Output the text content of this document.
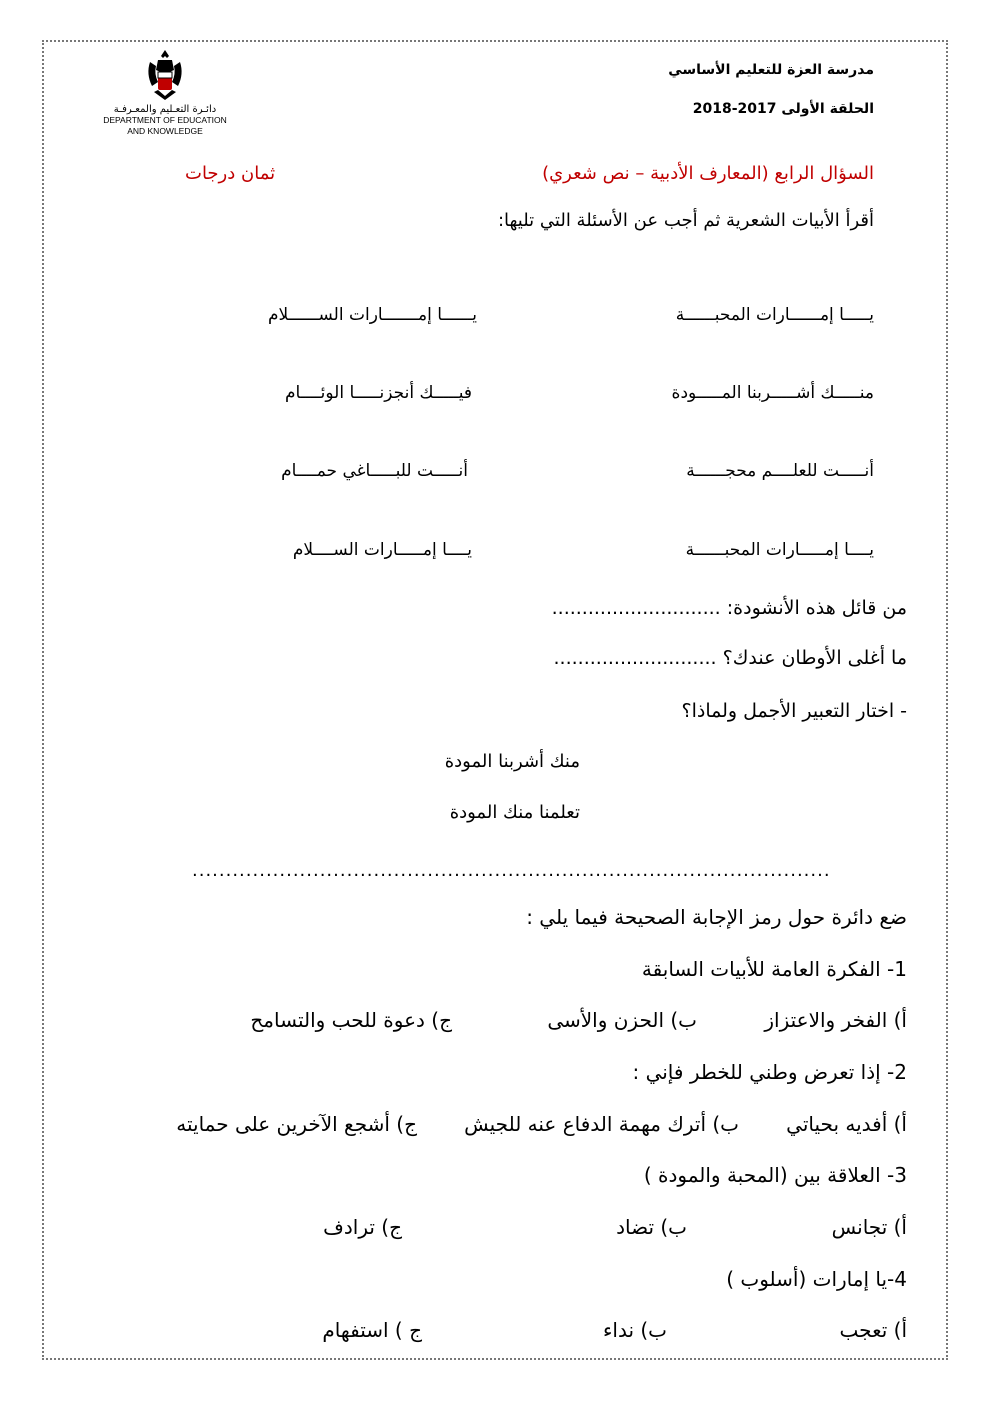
دائـرة التعـليم والمعـرفـة
DEPARTMENT OF EDUCATION
AND KNOWLEDGE
مدرسة العزة للتعليم الأساسي
الحلقة الأولى 2017-2018
السؤال الرابع (المعارف الأدبية – نص شعري)
ثمان درجات
أقرأ الأبيات الشعرية ثم أجب عن الأسئلة التي تليها:
يـــــا إمــــــارات المحبــــــة
يــــــا إمـــــــارات الســــــلام
منـــــك أشـــــربنا المـــــودة
فيـــــك أنجزنـــــا الوئــــام
أنـــــت للعلــــم محجــــــة
أنـــــت للبـــــاغي حمــــام
يــــا إمـــــارات المحبــــــة
يــــا إمـــــارات الســــلام
من قائل هذه الأنشودة: ............................
ما أغلى الأوطان عندك؟ ...........................
- اختار التعبير الأجمل ولماذا؟
منك أشربنا المودة
تعلمنا منك المودة
...............................................................................................
ضع دائرة حول رمز الإجابة الصحيحة فيما يلي :
1- الفكرة العامة للأبيات السابقة
أ) الفخر والاعتزاز
ب) الحزن والأسى
ج) دعوة للحب والتسامح
2- إذا تعرض وطني للخطر فإني :
أ) أفديه بحياتي
ب) أترك مهمة الدفاع عنه للجيش
ج) أشجع الآخرين على حمايته
3- العلاقة بين (المحبة والمودة )
أ) تجانس
ب) تضاد
ج) ترادف
4-يا إمارات (أسلوب )
أ) تعجب
ب) نداء
ج ) استفهام
